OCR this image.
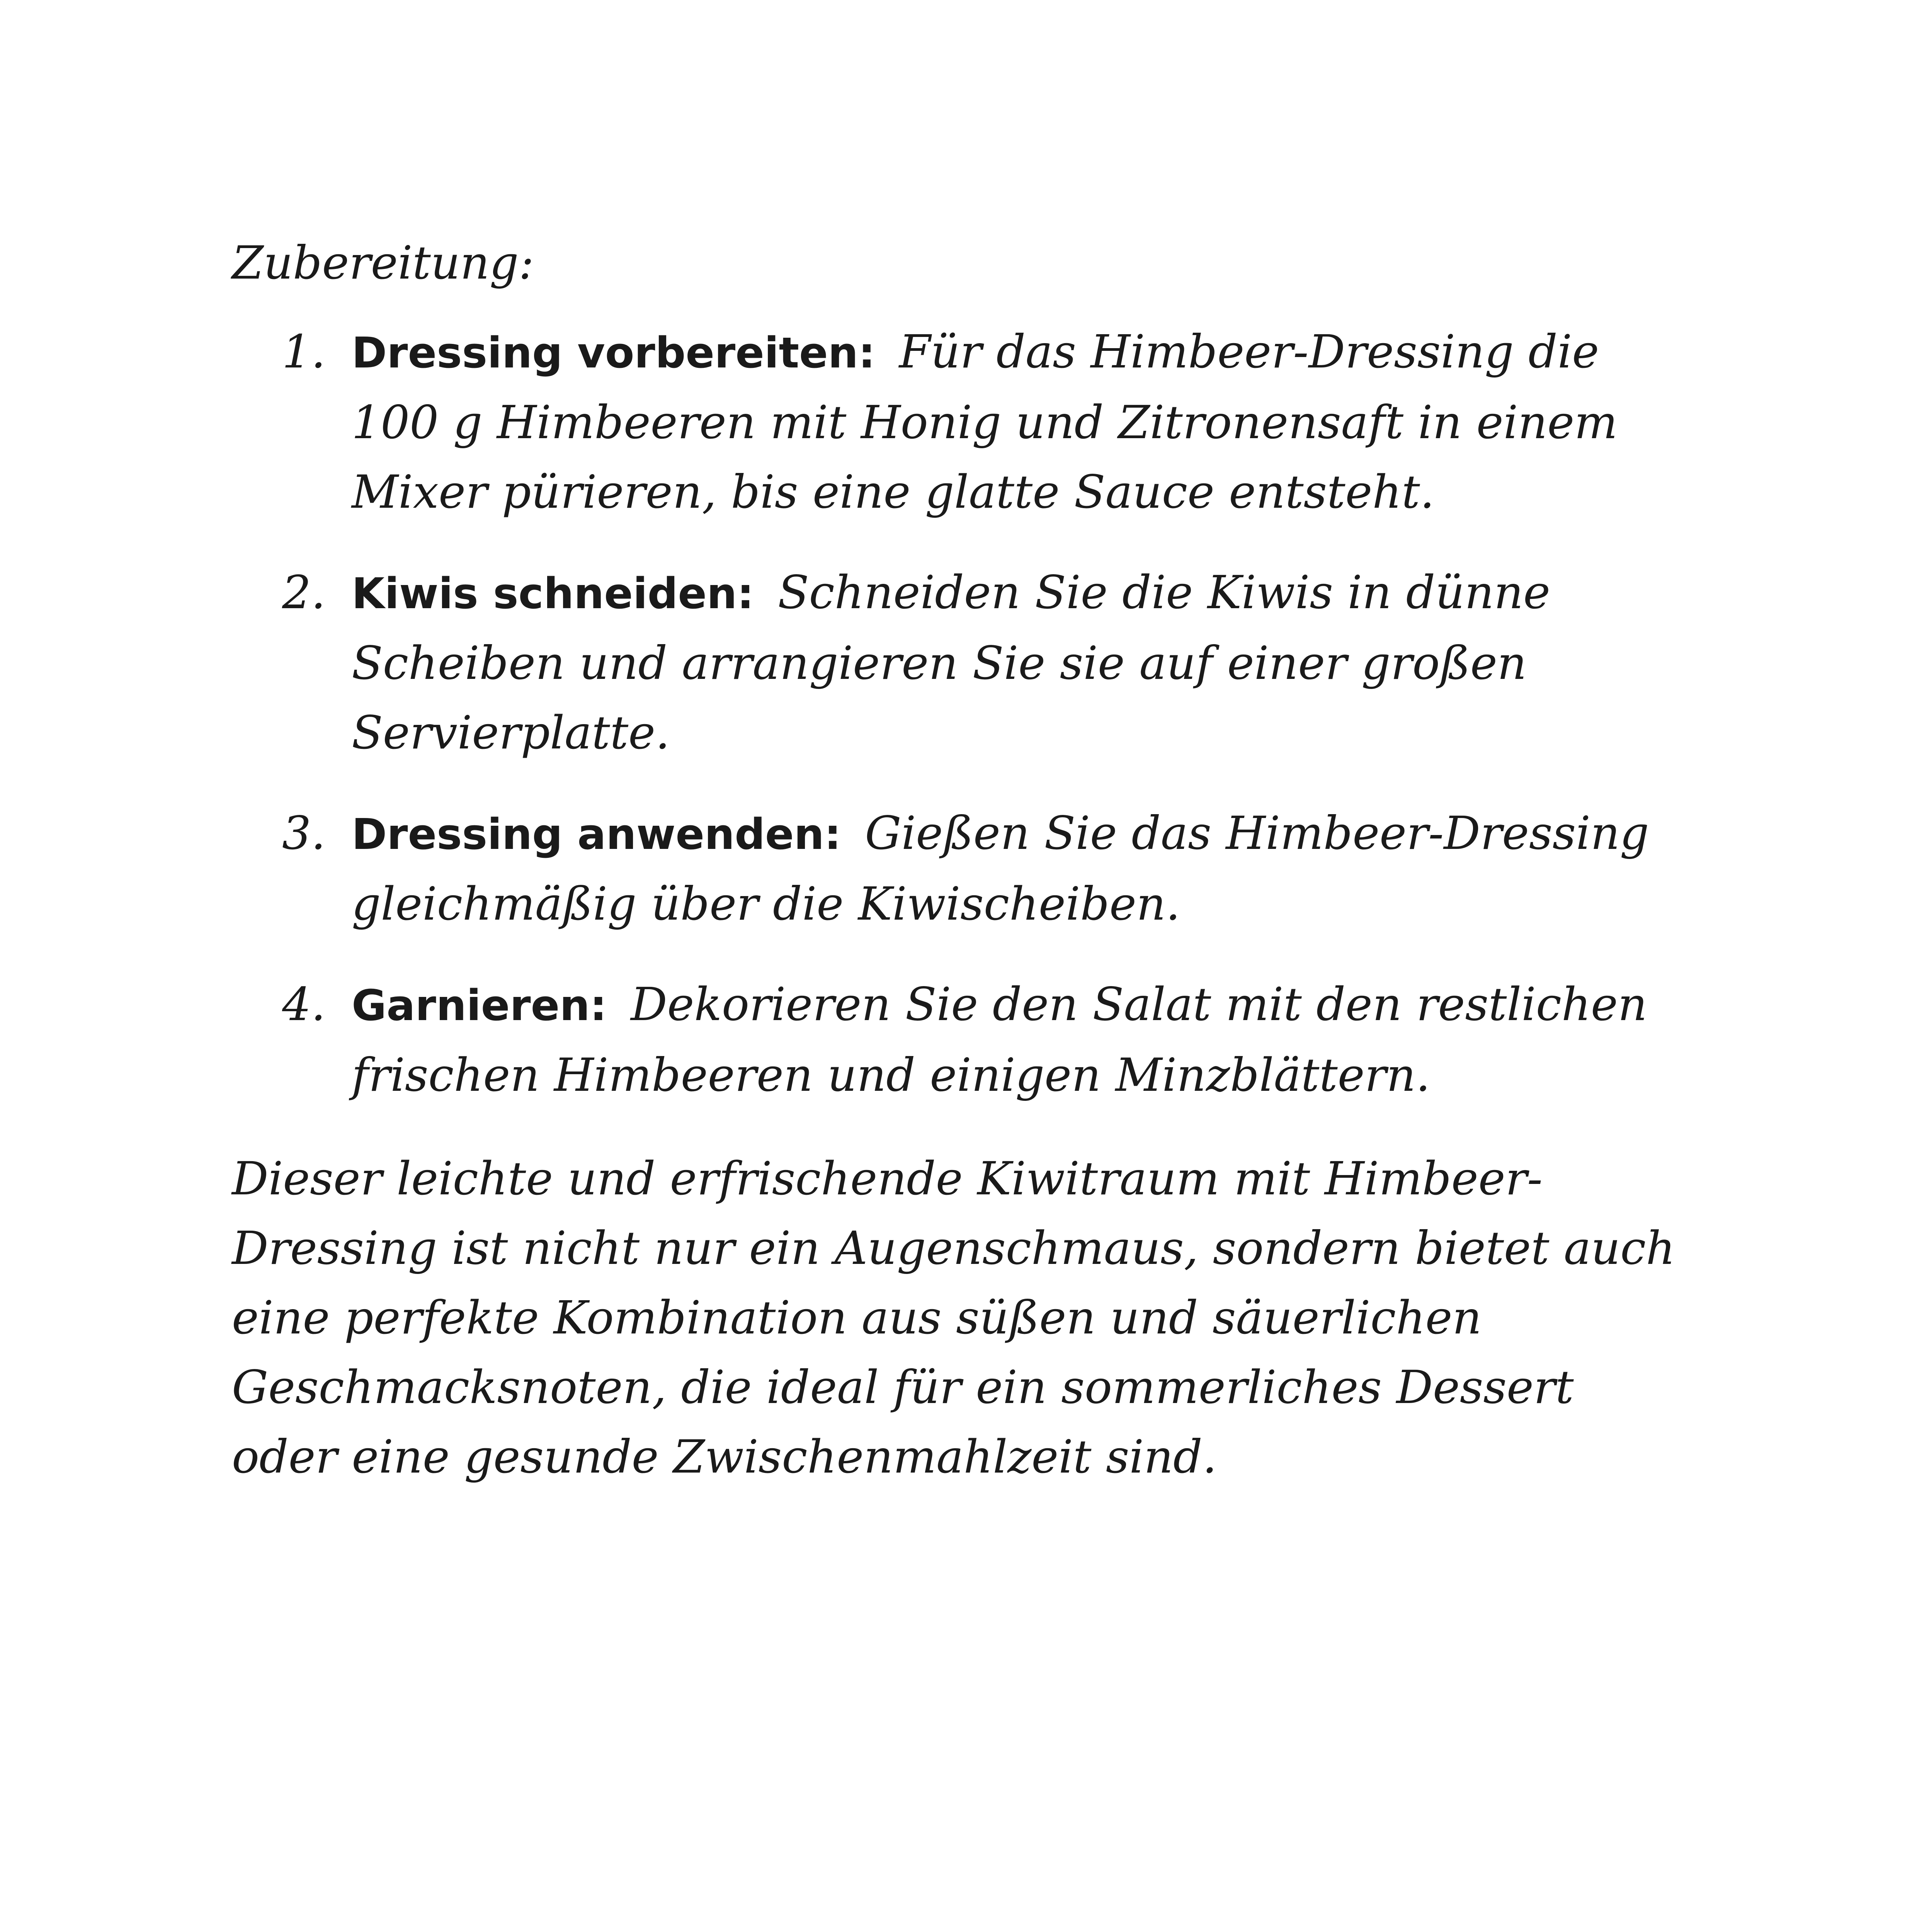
Zubereitung:
1. Dressing vorbereiten: Für das Himbeer-Dressing die 100 g Himbeeren mit Honig und Zitronensaft in einem Mixer pürieren, bis eine glatte Sauce entsteht.
2. Kiwis schneiden: Schneiden Sie die Kiwis in dünne Scheiben und arrangieren Sie sie auf einer großen Servierplatte.
3. Dressing anwenden: Gießen Sie das Himbeer-Dressing gleichmäßig über die Kiwischeiben.
4. Garnieren: Dekorieren Sie den Salat mit den restlichen frischen Himbeeren und einigen Minzblättern.

Dieser leichte und erfrischende Kiwitraum mit Himbeer-Dressing ist nicht nur ein Augenschmaus, sondern bietet auch eine perfekte Kombination aus süßen und säuerlichen Geschmacksnoten, die ideal für ein sommerliches Dessert oder eine gesunde Zwischenmahlzeit sind.
